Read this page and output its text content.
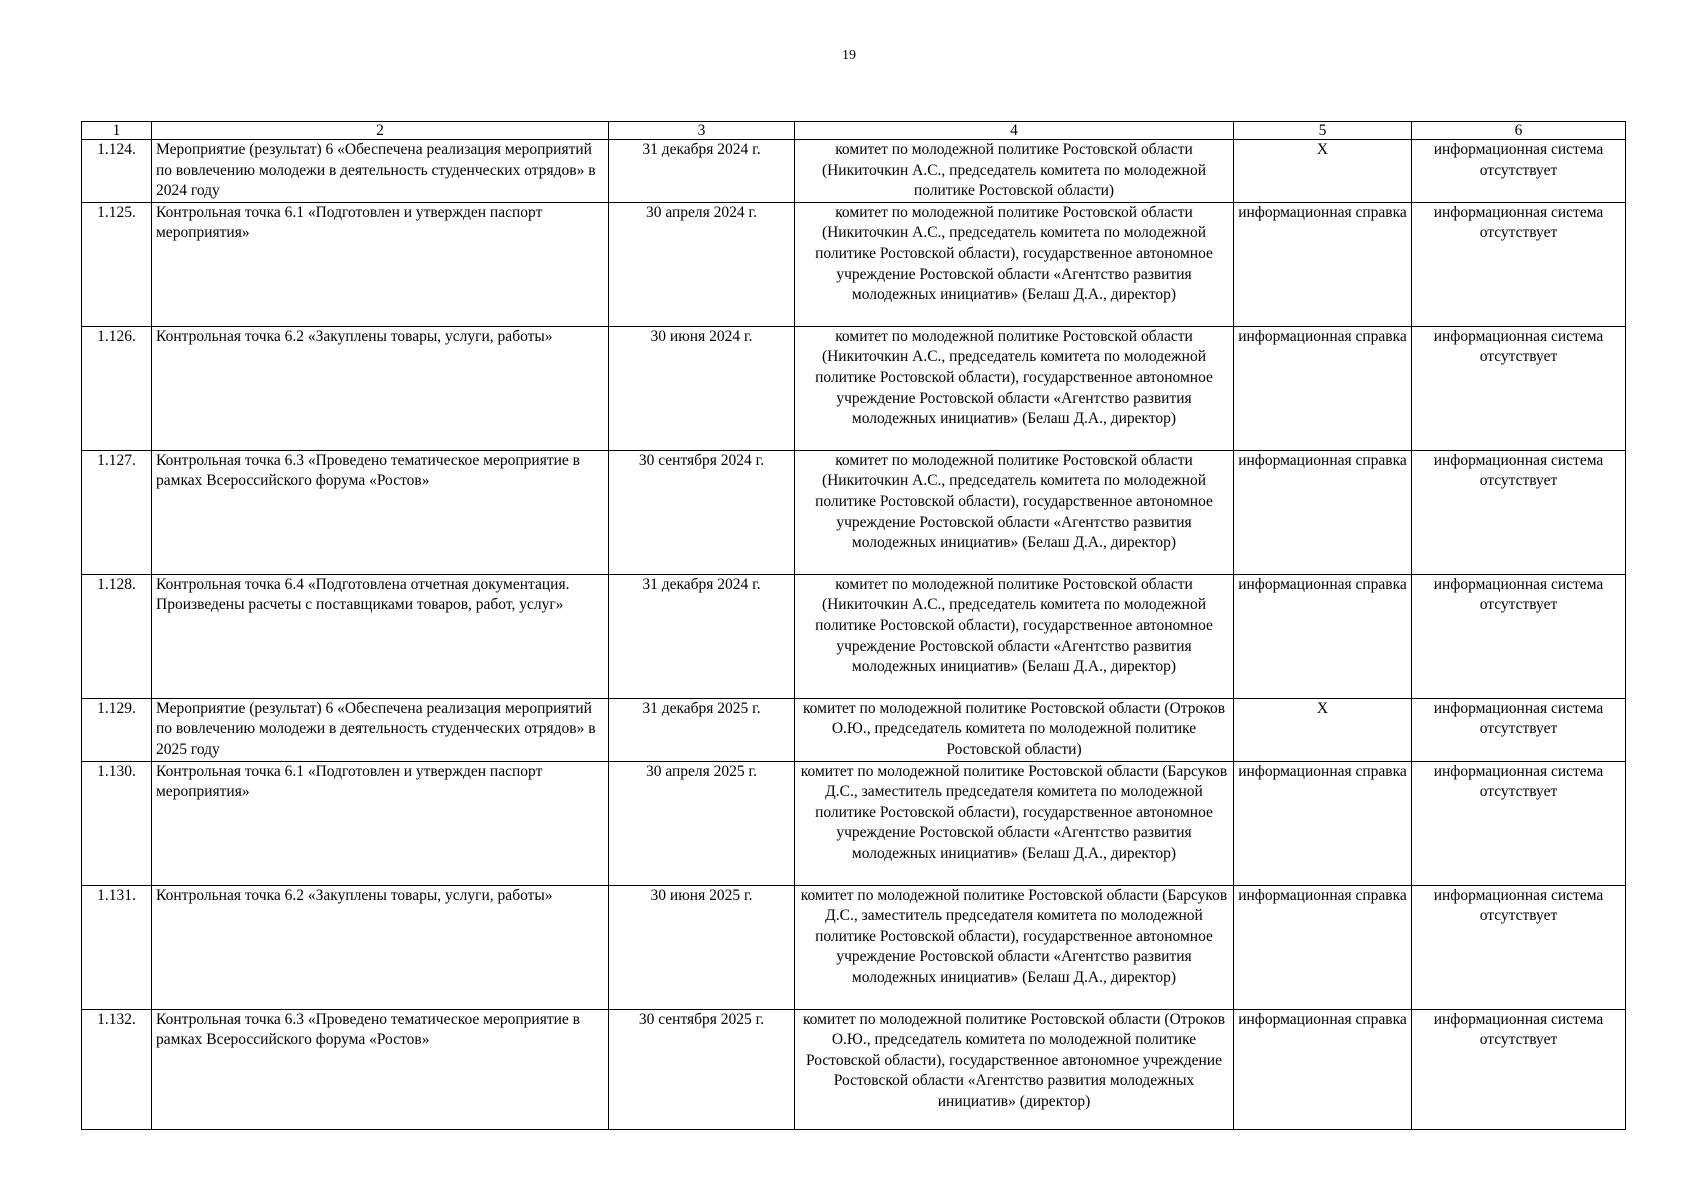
19
1	2	3	4	5	6
1.124.	Мероприятие (результат) 6 «Обеспечена реализация мероприятий по вовлечению молодежи в деятельность студенческих отрядов» в 2024 году	31 декабря 2024 г.	комитет по молодежной политике Ростовской области (Никиточкин А.С., председатель комитета по молодежной политике Ростовской области)	Х	информационная система отсутствует
1.125.	Контрольная точка 6.1 «Подготовлен и утвержден паспорт мероприятия»	30 апреля 2024 г.	комитет по молодежной политике Ростовской области (Никиточкин А.С., председатель комитета по молодежной политике Ростовской области), государственное автономное учреждение Ростовской области «Агентство развития молодежных инициатив» (Белаш Д.А., директор)	информационная справка	информационная система отсутствует
1.126.	Контрольная точка 6.2 «Закуплены товары, услуги, работы»	30 июня 2024 г.	комитет по молодежной политике Ростовской области (Никиточкин А.С., председатель комитета по молодежной политике Ростовской области), государственное автономное учреждение Ростовской области «Агентство развития молодежных инициатив» (Белаш Д.А., директор)	информационная справка	информационная система отсутствует
1.127.	Контрольная точка 6.3 «Проведено тематическое мероприятие в рамках Всероссийского форума «Ростов»	30 сентября 2024 г.	комитет по молодежной политике Ростовской области (Никиточкин А.С., председатель комитета по молодежной политике Ростовской области), государственное автономное учреждение Ростовской области «Агентство развития молодежных инициатив» (Белаш Д.А., директор)	информационная справка	информационная система отсутствует
1.128.	Контрольная точка 6.4 «Подготовлена отчетная документация. Произведены расчеты с поставщиками товаров, работ, услуг»	31 декабря 2024 г.	комитет по молодежной политике Ростовской области (Никиточкин А.С., председатель комитета по молодежной политике Ростовской области), государственное автономное учреждение Ростовской области «Агентство развития молодежных инициатив» (Белаш Д.А., директор)	информационная справка	информационная система отсутствует
1.129.	Мероприятие (результат) 6 «Обеспечена реализация мероприятий по вовлечению молодежи в деятельность студенческих отрядов» в 2025 году	31 декабря 2025 г.	комитет по молодежной политике Ростовской области (Отроков О.Ю., председатель комитета по молодежной политике Ростовской области)	Х	информационная система отсутствует
1.130.	Контрольная точка 6.1 «Подготовлен и утвержден паспорт мероприятия»	30 апреля 2025 г.	комитет по молодежной политике Ростовской области (Барсуков Д.С., заместитель председателя комитета по молодежной политике Ростовской области), государственное автономное учреждение Ростовской области «Агентство развития молодежных инициатив» (Белаш Д.А., директор)	информационная справка	информационная система отсутствует
1.131.	Контрольная точка 6.2 «Закуплены товары, услуги, работы»	30 июня 2025 г.	комитет по молодежной политике Ростовской области (Барсуков Д.С., заместитель председателя комитета по молодежной политике Ростовской области), государственное автономное учреждение Ростовской области «Агентство развития молодежных инициатив» (Белаш Д.А., директор)	информационная справка	информационная система отсутствует
1.132.	Контрольная точка 6.3 «Проведено тематическое мероприятие в рамках Всероссийского форума «Ростов»	30 сентября 2025 г.	комитет по молодежной политике Ростовской области (Отроков О.Ю., председатель комитета по молодежной политике Ростовской области), государственное автономное учреждение Ростовской области «Агентство развития молодежных инициатив» (директор)	информационная справка	информационная система отсутствует
